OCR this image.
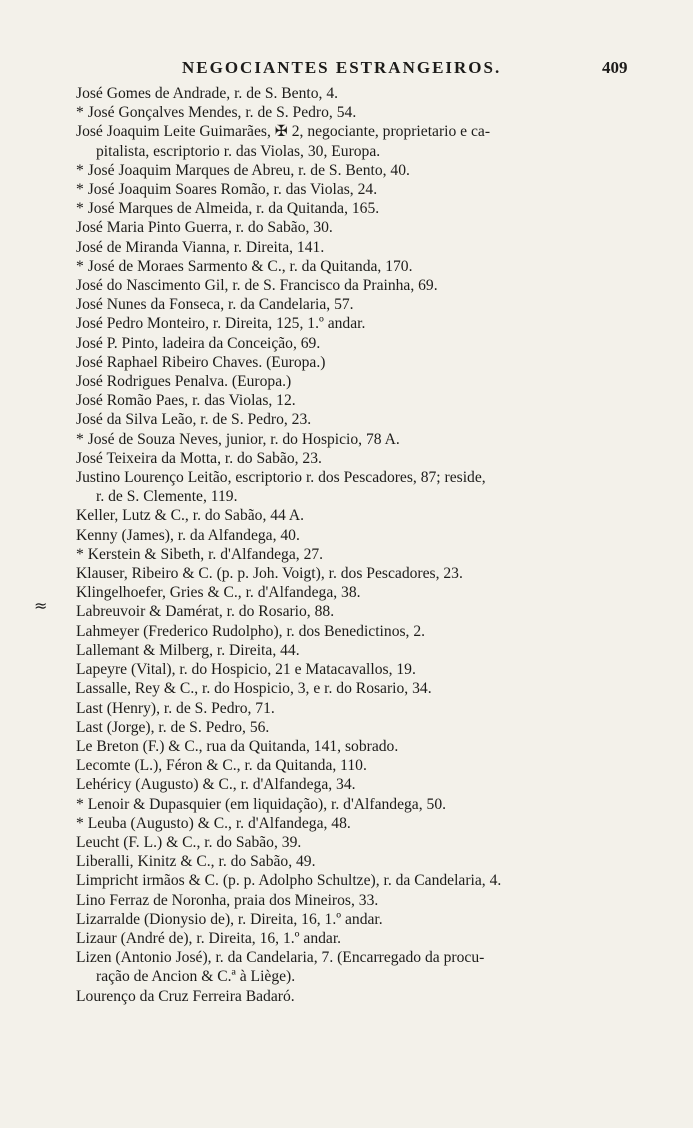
NEGOCIANTES ESTRANGEIROS.	409
≈
José Gomes de Andrade, r. de S. Bento, 4.
* José Gonçalves Mendes, r. de S. Pedro, 54.
José Joaquim Leite Guimarães, ✠ 2, negociante, proprietario e ca-
pitalista, escriptorio r. das Violas, 30, Europa.
* José Joaquim Marques de Abreu, r. de S. Bento, 40.
* José Joaquim Soares Romão, r. das Violas, 24.
* José Marques de Almeida, r. da Quitanda, 165.
José Maria Pinto Guerra, r. do Sabão, 30.
José de Miranda Vianna, r. Direita, 141.
* José de Moraes Sarmento & C., r. da Quitanda, 170.
José do Nascimento Gil, r. de S. Francisco da Prainha, 69.
José Nunes da Fonseca, r. da Candelaria, 57.
José Pedro Monteiro, r. Direita, 125, 1.º andar.
José P. Pinto, ladeira da Conceição, 69.
José Raphael Ribeiro Chaves. (Europa.)
José Rodrigues Penalva. (Europa.)
José Romão Paes, r. das Violas, 12.
José da Silva Leão, r. de S. Pedro, 23.
* José de Souza Neves, junior, r. do Hospicio, 78 A.
José Teixeira da Motta, r. do Sabão, 23.
Justino Lourenço Leitão, escriptorio r. dos Pescadores, 87; reside,
r. de S. Clemente, 119.
Keller, Lutz & C., r. do Sabão, 44 A.
Kenny (James), r. da Alfandega, 40.
* Kerstein & Sibeth, r. d'Alfandega, 27.
Klauser, Ribeiro & C. (p. p. Joh. Voigt), r. dos Pescadores, 23.
Klingelhoefer, Gries & C., r. d'Alfandega, 38.
Labreuvoir & Damérat, r. do Rosario, 88.
Lahmeyer (Frederico Rudolpho), r. dos Benedictinos, 2.
Lallemant & Milberg, r. Direita, 44.
Lapeyre (Vital), r. do Hospicio, 21 e Matacavallos, 19.
Lassalle, Rey & C., r. do Hospicio, 3, e r. do Rosario, 34.
Last (Henry), r. de S. Pedro, 71.
Last (Jorge), r. de S. Pedro, 56.
Le Breton (F.) & C., rua da Quitanda, 141, sobrado.
Lecomte (L.), Féron & C., r. da Quitanda, 110.
Lehéricy (Augusto) & C., r. d'Alfandega, 34.
* Lenoir & Dupasquier (em liquidação), r. d'Alfandega, 50.
* Leuba (Augusto) & C., r. d'Alfandega, 48.
Leucht (F. L.) & C., r. do Sabão, 39.
Liberalli, Kinitz & C., r. do Sabão, 49.
Limpricht irmãos & C. (p. p. Adolpho Schultze), r. da Candelaria, 4.
Lino Ferraz de Noronha, praia dos Mineiros, 33.
Lizarralde (Dionysio de), r. Direita, 16, 1.º andar.
Lizaur (André de), r. Direita, 16, 1.º andar.
Lizen (Antonio José), r. da Candelaria, 7. (Encarregado da procu-
ração de Ancion & C.ª à Liège).
Lourenço da Cruz Ferreira Badaró.
